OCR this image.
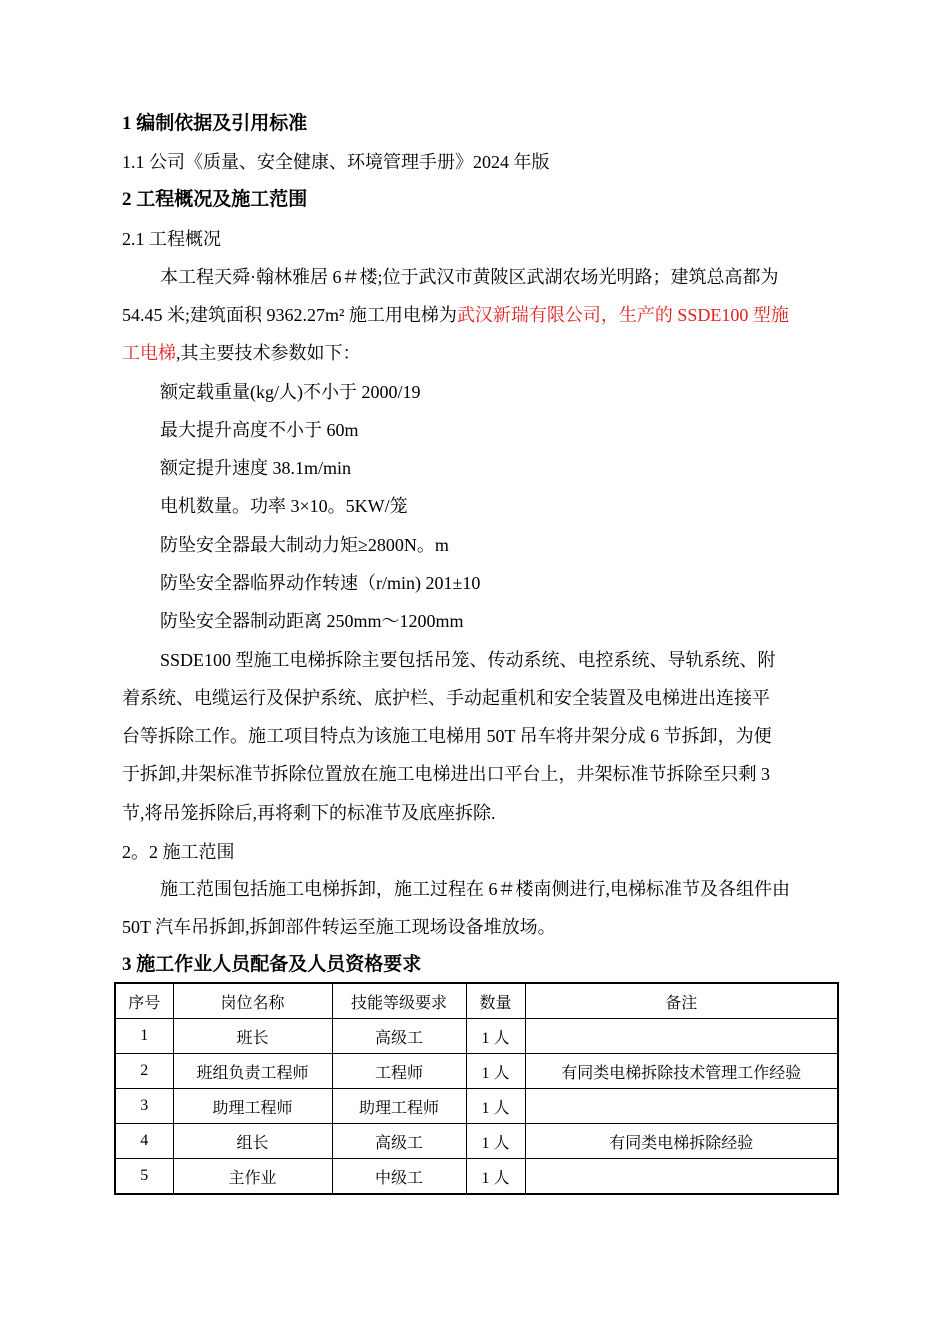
1 编制依据及引用标准
1.1 公司《质量、安全健康、环境管理手册》2024 年版
2 工程概况及施工范围
2.1 工程概况
本工程天舜·翰林雅居 6＃楼;位于武汉市黄陂区武湖农场光明路；建筑总高都为
54.45 米;建筑面积 9362.27m² 施工用电梯为武汉新瑞有限公司，生产的 SSDE100 型施
工电梯,其主要技术参数如下：
额定载重量(kg/人)不小于 2000/19
最大提升高度不小于 60m
额定提升速度 38.1m/min
电机数量。功率 3×10。5KW/笼
防坠安全器最大制动力矩≥2800N。m
防坠安全器临界动作转速（r/min) 201±10
防坠安全器制动距离 250mm～1200mm
SSDE100 型施工电梯拆除主要包括吊笼、传动系统、电控系统、导轨系统、附
着系统、电缆运行及保护系统、底护栏、手动起重机和安全装置及电梯进出连接平
台等拆除工作。施工项目特点为该施工电梯用 50T 吊车将井架分成 6 节拆卸，为便
于拆卸,井架标准节拆除位置放在施工电梯进出口平台上，井架标准节拆除至只剩 3
节,将吊笼拆除后,再将剩下的标准节及底座拆除.
2。2 施工范围
施工范围包括施工电梯拆卸，施工过程在 6＃楼南侧进行,电梯标准节及各组件由
50T 汽车吊拆卸,拆卸部件转运至施工现场设备堆放场。
3 施工作业人员配备及人员资格要求
序号	岗位名称	技能等级要求	数量	备注
1	班长	高级工	1 人	
2	班组负责工程师	工程师	1 人	有同类电梯拆除技术管理工作经验
3	助理工程师	助理工程师	1 人	
4	组长	高级工	1 人	有同类电梯拆除经验
5	主作业	中级工	1 人	
